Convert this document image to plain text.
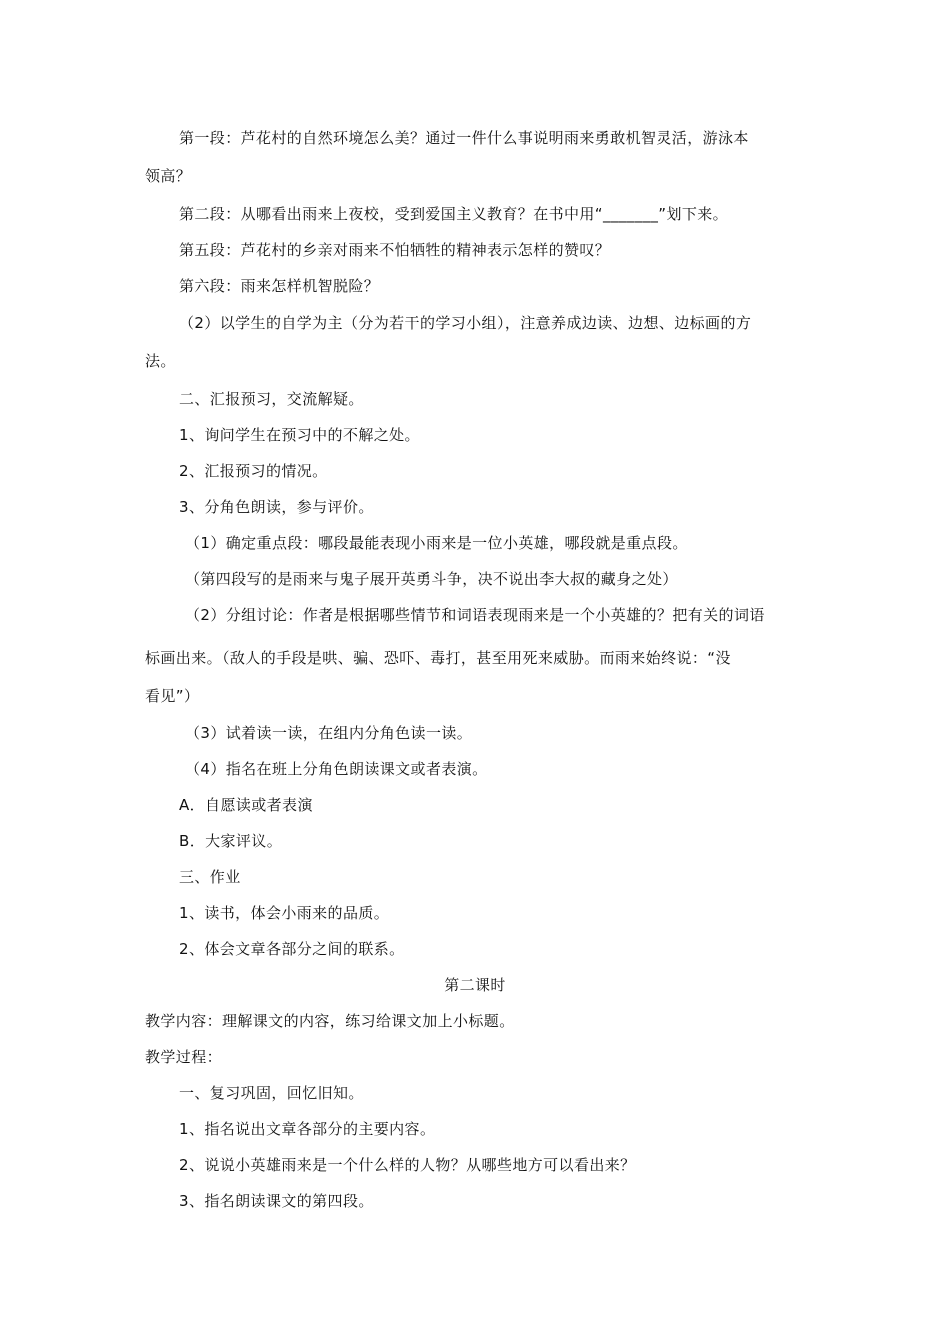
第一段：芦花村的自然环境怎么美？通过一件什么事说明雨来勇敢机智灵活，游泳本
领高？
第二段：从哪看出雨来上夜校，受到爱国主义教育？在书中用“_______”划下来。
第五段：芦花村的乡亲对雨来不怕牺牲的精神表示怎样的赞叹？
第六段：雨来怎样机智脱险？
（2）以学生的自学为主（分为若干的学习小组），注意养成边读、边想、边标画的方
法。
二、汇报预习，交流解疑。
1、询问学生在预习中的不解之处。
2、汇报预习的情况。
3、分角色朗读，参与评价。
（1）确定重点段：哪段最能表现小雨来是一位小英雄，哪段就是重点段。
（第四段写的是雨来与鬼子展开英勇斗争，决不说出李大叔的藏身之处）
（2）分组讨论：作者是根据哪些情节和词语表现雨来是一个小英雄的？把有关的词语
标画出来。（敌人的手段是哄、骗、恐吓、毒打，甚至用死来威胁。而雨来始终说：“没
看见”）
（3）试着读一读，在组内分角色读一读。
（4）指名在班上分角色朗读课文或者表演。
A．自愿读或者表演
B．大家评议。
三、作业
1、读书，体会小雨来的品质。
2、体会文章各部分之间的联系。
第二课时
教学内容：理解课文的内容，练习给课文加上小标题。
教学过程：
一、复习巩固，回忆旧知。
1、指名说出文章各部分的主要内容。
2、说说小英雄雨来是一个什么样的人物？从哪些地方可以看出来？
3、指名朗读课文的第四段。
